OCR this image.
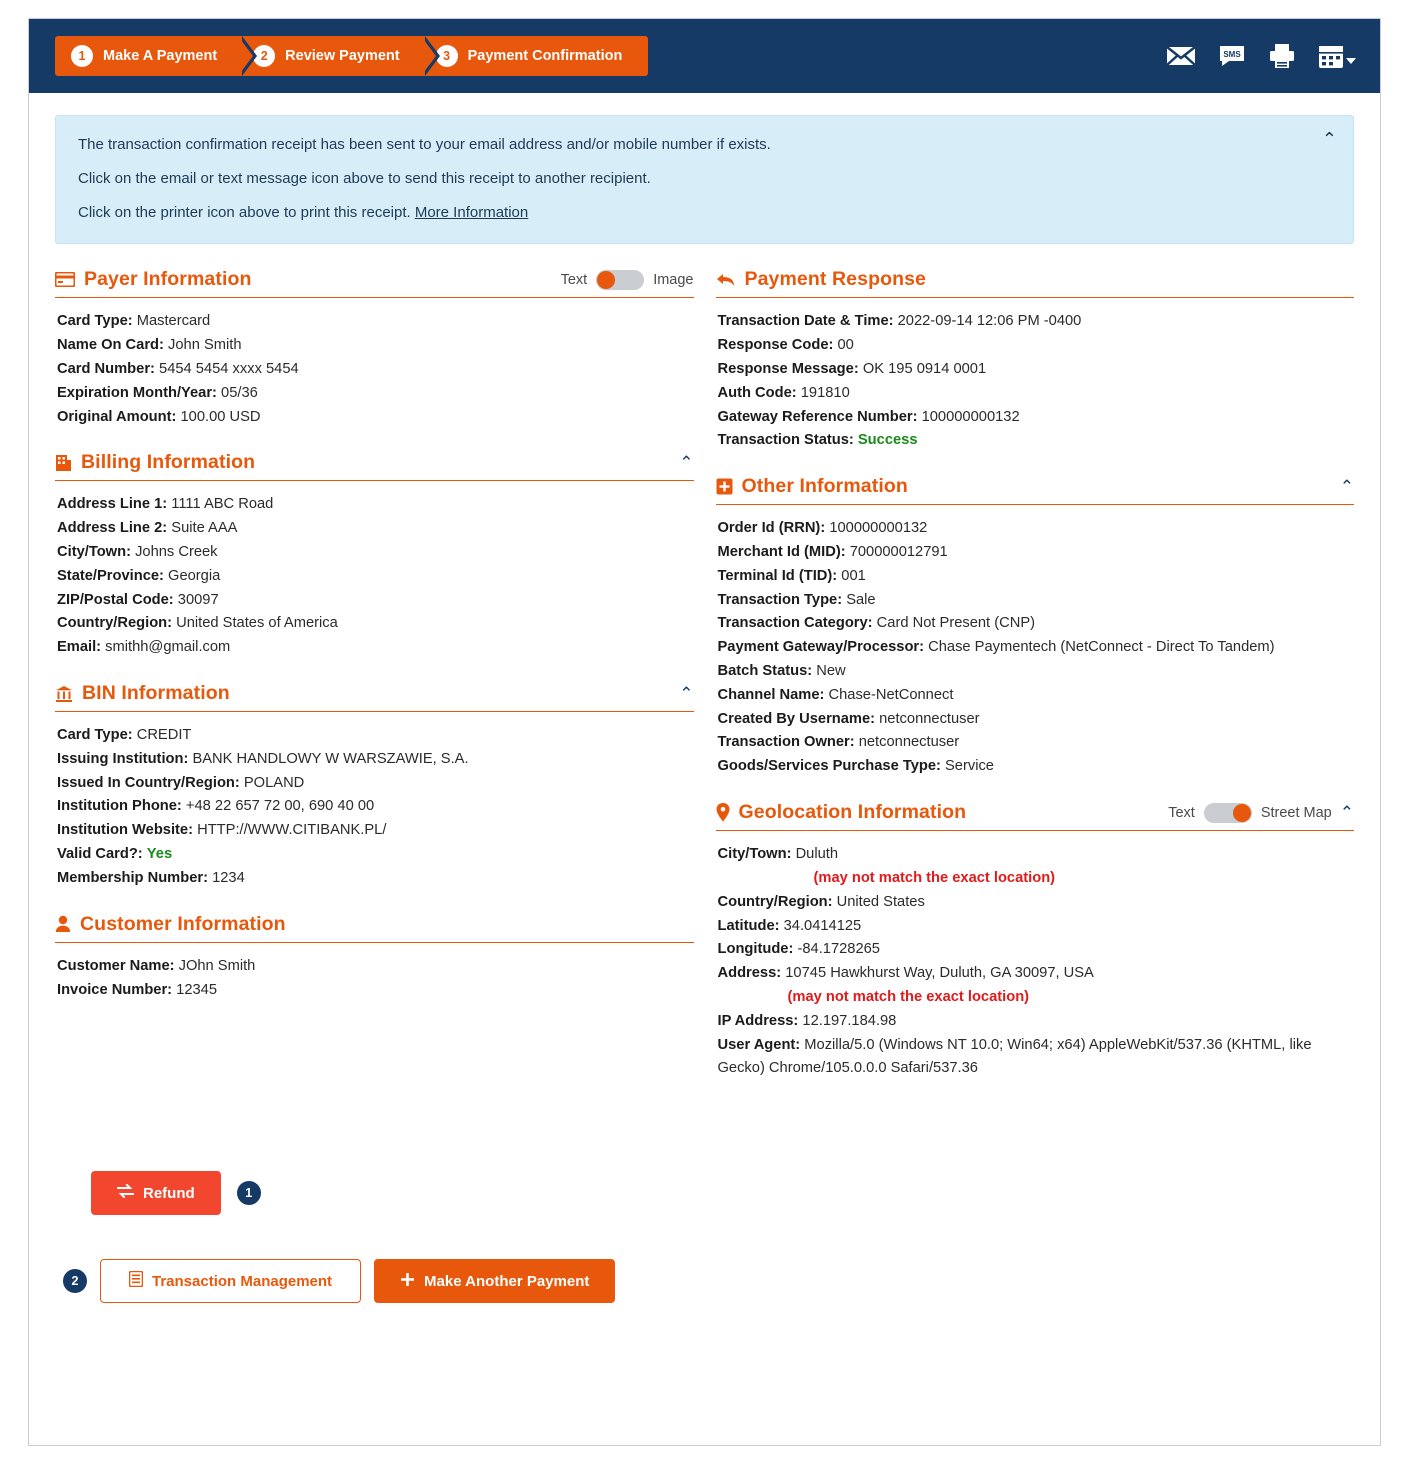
1	Make A Payment	2	Review Payment	3	Payment Confirmation	SMS
⌃

The transaction confirmation receipt has been sent to your email address and/or mobile number if exists.

Click on the email or text message icon above to send this receipt to another recipient.

Click on the printer icon above to print this receipt. More Information

Payer Information	Text	Image
Card Type: Mastercard
Name On Card: John Smith
Card Number: 5454 5454 xxxx 5454
Expiration Month/Year: 05/36
Original Amount: 100.00 USD
Billing Information	⌃
Address Line 1: 1111 ABC Road
Address Line 2: Suite AAA
City/Town: Johns Creek
State/Province: Georgia
ZIP/Postal Code: 30097
Country/Region: United States of America
Email: smithh@gmail.com
BIN Information	⌃
Card Type: CREDIT
Issuing Institution: BANK HANDLOWY W WARSZAWIE, S.A.
Issued In Country/Region: POLAND
Institution Phone: +48 22 657 72 00, 690 40 00
Institution Website: HTTP://WWW.CITIBANK.PL/
Valid Card?: Yes
Membership Number: 1234
Customer Information
Customer Name: JOhn Smith
Invoice Number: 12345
Payment Response
Transaction Date & Time: 2022-09-14 12:06 PM -0400
Response Code: 00
Response Message: OK 195 0914 0001
Auth Code: 191810
Gateway Reference Number: 100000000132
Transaction Status: Success
Other Information	⌃
Order Id (RRN): 100000000132
Merchant Id (MID): 700000012791
Terminal Id (TID): 001
Transaction Type: Sale
Transaction Category: Card Not Present (CNP)
Payment Gateway/Processor: Chase Paymentech (NetConnect - Direct To Tandem)
Batch Status: New
Channel Name: Chase-NetConnect
Created By Username: netconnectuser
Transaction Owner: netconnectuser
Goods/Services Purchase Type: Service
Geolocation Information	Text	Street Map ⌃
City/Town: Duluth
(may not match the exact location)
Country/Region: United States
Latitude: 34.0414125
Longitude: -84.1728265
Address: 10745 Hawkhurst Way, Duluth, GA 30097, USA
(may not match the exact location)
IP Address: 12.197.184.98
User Agent: Mozilla/5.0 (Windows NT 10.0; Win64; x64) AppleWebKit/537.36 (KHTML, like Gecko) Chrome/105.0.0.0 Safari/537.36
Refund	1
2	Transaction Management	Make Another Payment
